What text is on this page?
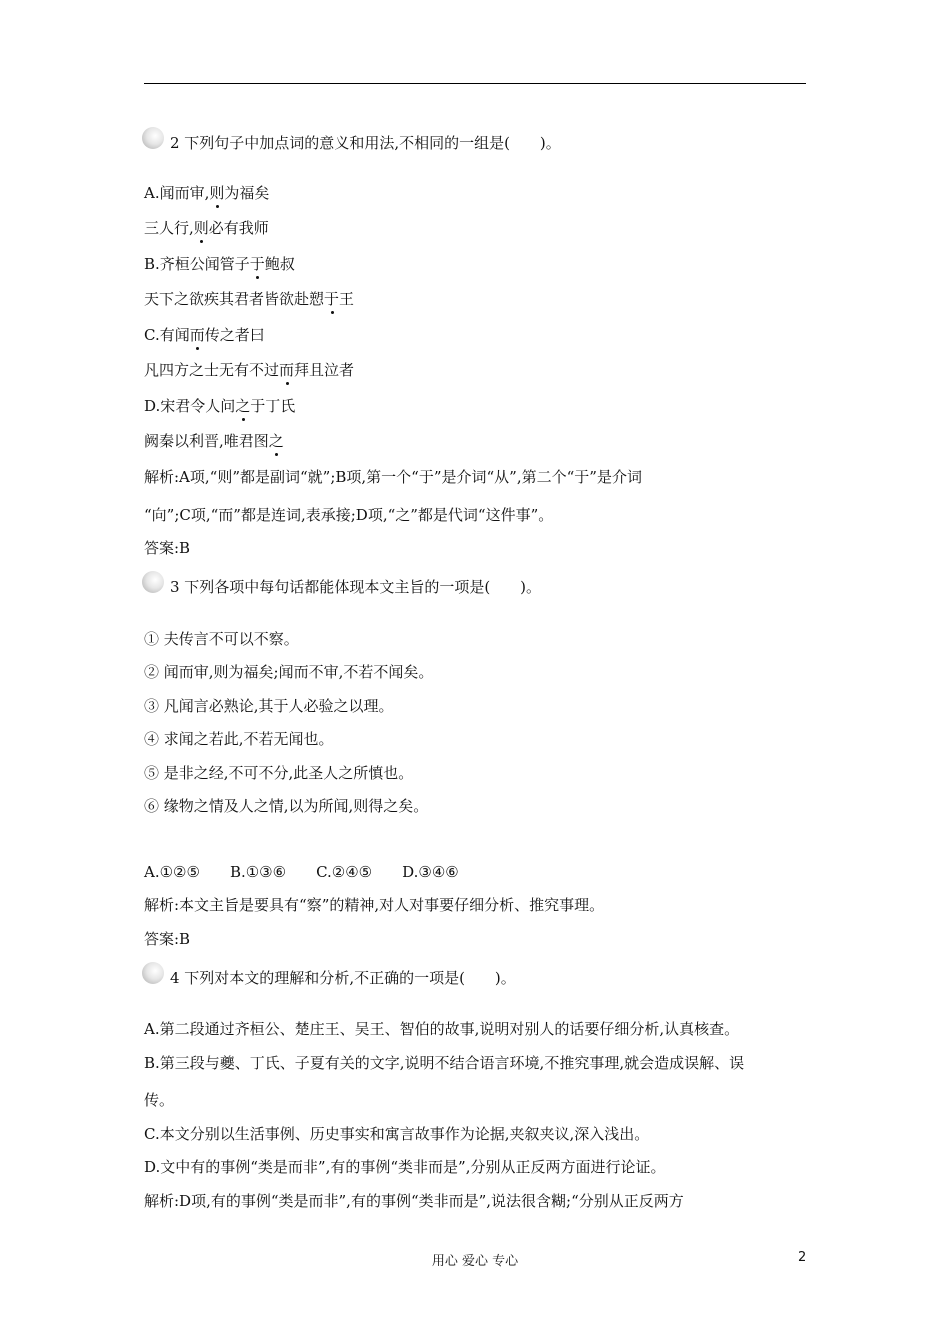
2 下列句子中加点词的意义和用法,不相同的一组是(　　)。
A.闻而审,则为福矣
三人行,则必有我师
B.齐桓公闻管子于鲍叔
天下之欲疾其君者皆欲赴愬于王
C.有闻而传之者曰
凡四方之士无有不过而拜且泣者
D.宋君令人问之于丁氏
阙秦以利晋,唯君图之
解析:A项,“则”都是副词“就”;B项,第一个“于”是介词“从”,第二个“于”是介词
“向”;C项,“而”都是连词,表承接;D项,“之”都是代词“这件事”。
答案:B
3 下列各项中每句话都能体现本文主旨的一项是(　　)。
① 夫传言不可以不察。
② 闻而审,则为福矣;闻而不审,不若不闻矣。
③ 凡闻言必熟论,其于人必验之以理。
④ 求闻之若此,不若无闻也。
⑤ 是非之经,不可不分,此圣人之所慎也。
⑥ 缘物之情及人之情,以为所闻,则得之矣。
A.①②⑤　　B.①③⑥　　C.②④⑤　　D.③④⑥
解析:本文主旨是要具有“察”的精神,对人对事要仔细分析、推究事理。
答案:B
4 下列对本文的理解和分析,不正确的一项是(　　)。
A.第二段通过齐桓公、楚庄王、吴王、智伯的故事,说明对别人的话要仔细分析,认真核查。
B.第三段与夔、丁氏、子夏有关的文字,说明不结合语言环境,不推究事理,就会造成误解、误
传。
C.本文分别以生活事例、历史事实和寓言故事作为论据,夹叙夹议,深入浅出。
D.文中有的事例“类是而非”,有的事例“类非而是”,分别从正反两方面进行论证。
解析:D项,有的事例“类是而非”,有的事例“类非而是”,说法很含糊;“分别从正反两方
用心 爱心 专心	2
